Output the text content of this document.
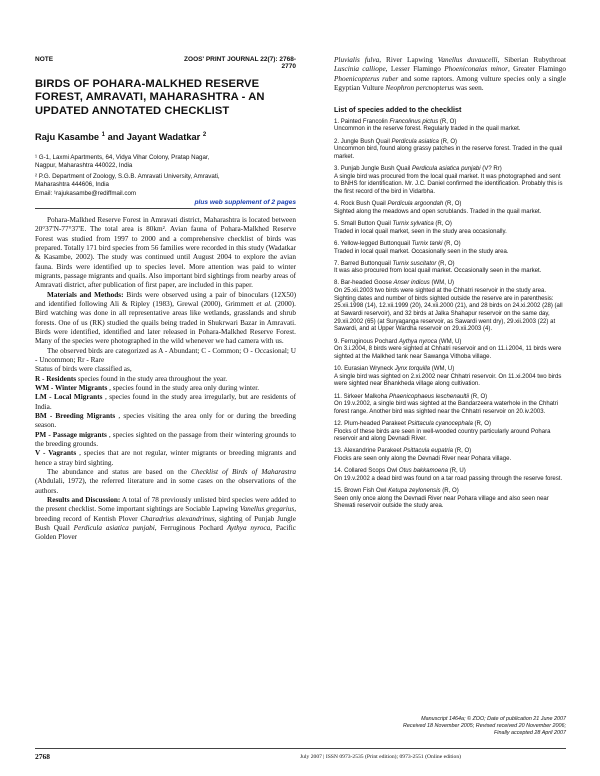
NOTE	ZOOS' PRINT JOURNAL 22(7): 2768-2770
BIRDS OF POHARA-MALKHED RESERVE FOREST, AMRAVATI, MAHARASHTRA - AN UPDATED ANNOTATED CHECKLIST
Raju Kasambe $^1$ and Jayant Wadatkar $^2$

¹ G-1, Laxmi Apartments, 64, Vidya Vihar Colony, Pratap Nagar,

Nagpur, Maharashtra 440022, India

² P.G. Department of Zoology, S.G.B. Amravati University, Amravati,

Maharashtra 444606, India

Email: ¹rajukasambe@rediffmail.com

plus web supplement of 2 pages

Pohara-Malkhed Reserve Forest in Amravati district, Maharashtra is located between 20°37'N-77°37'E. The total area is 80km². Avian fauna of Pohara-Malkhed Reserve Forest was studied from 1997 to 2000 and a comprehensive checklist of birds was prepared. Totally 171 bird species from 56 families were recorded in this study (Wadatkar & Kasambe, 2002). The study was continued until August 2004 to explore the avian fauna. Birds were identified up to species level. More attention was paid to winter migrants, passage migrants and quails. Also important bird sightings from nearby areas of Amravati district, after publication of first paper, are included in this paper.

Materials and Methods: Birds were observed using a pair of binoculars (12X50) and identified following Ali & Ripley (1983), Grewal (2000), Grimmett et al. (2000). Bird watching was done in all representative areas like wetlands, grasslands and shrub forests. One of us (RK) studied the quails being traded in Shukrwari Bazar in Amravati. Birds were identified, identified and later released in Pohara-Malkhed Reserve Forest. Many of the species were photographed in the wild whenever we had camera with us.

The observed birds are categorized as A - Abundant; C - Common; O - Occasional; U - Uncommon; Rr - Rare

Status of birds were classified as,

R - Residents species found in the study area throughout the year.

WM - Winter Migrants , species found in the study area only during winter.

LM - Local Migrants , species found in the study area irregularly, but are residents of India.

BM - Breeding Migrants , species visiting the area only for or during the breeding season.

PM - Passage migrants , species sighted on the passage from their wintering grounds to the breeding grounds.

V - Vagrants , species that are not regular, winter migrants or breeding migrants and hence a stray bird sighting.

The abundance and status are based on the Checklist of Birds of Maharastra (Abdulali, 1972), the referred literature and in some cases on the observations of the authors.

Results and Discussion: A total of 78 previously unlisted bird species were added to the present checklist. Some important sightings are Sociable Lapwing Vanellus gregarius, breeding record of Kentish Plover Charadrius alexandrinus, sighting of Punjab Jungle Bush Quail Perdicula asiatica punjabi, Ferruginous Pochard Aythya nyroca, Pacific Golden Plover

Pluvialis fulva, River Lapwing Vanellus duvaucelli, Siberian Rubythroat Luscinia calliope, Lesser Flamingo Phoeniconaias minor, Greater Flamingo Phoenicopterus ruber and some raptors. Among vulture species only a single Egyptian Vulture Neophron percnopterus was seen.
List of species added to the checklist
1. Painted Francolin Francolinus pictus (R, O)
Uncommon in the reserve forest. Regularly traded in the quail market.
2. Jungle Bush Quail Perdicula asiatica (R, O)
Uncommon bird, found along grassy patches in the reserve forest. Traded in the quail market.
3. Punjab Jungle Bush Quail Perdicula asiatica punjabi (V? Rr)
A single bird was procured from the local quail market. It was photographed and sent to BNHS for identification. Mr. J.C. Daniel confirmed the identification. Probably this is the first record of the bird in Vidarbha.
4. Rock Bush Quail Perdicula argoondah (R, O)
Sighted along the meadows and open scrublands. Traded in the quail market.
5. Small Button Quail Turnix sylvatica (R, O)
Traded in local quail market, seen in the study area occasionally.
6. Yellow-legged Buttonquail Turnix tanki (R, O)
Traded in local quail market. Occasionally seen in the study area.
7. Barred Buttonquail Turnix suscitator (R, O)
It was also procured from local quail market. Occasionally seen in the market.
8. Bar-headed Goose Anser indicus (WM, U)
On 25.xii.2003 two birds were sighted at the Chhatri reservoir in the study area. Sighting dates and number of birds sighted outside the reserve are in parenthesis: 25.xii.1998 (14), 12.xii.1999 (20), 24.xii.2000 (21), and 28 birds on 24.xi.2002 (28) (all at Sawardi reservoir), and 32 birds at Jalka Shahapur reservoir on the same day, 29.xii.2002 (65) (at Suryaganga reservoir, as Sawardi went dry), 29.xii.2003 (22) at Sawardi, and at Upper Wardha reservoir on 29.xii.2003 (4).
9. Ferruginous Pochard Aythya nyroca (WM, U)
On 3.i.2004, 8 birds were sighted at Chhatri reservoir and on 11.i.2004, 11 birds were sighted at the Malkhed tank near Sawanga Vithoba village.
10. Eurasian Wryneck Jynx torquilla (WM, U)
A single bird was sighted on 2.xi.2002 near Chhatri reservoir. On 11.xi.2004 two birds were sighted near Bhankheda village along cultivation.
11. Sirkeer Malkoha Phaenicophaeus leschenaultii (R, O)
On 19.v.2002, a single bird was sighted at the Bandarzeera waterhole in the Chhatri forest range. Another bird was sighted near the Chhatri reservoir on 20.iv.2003.
12. Plum-headed Parakeet Psittacula cyanocephala (R, O)
Flocks of these birds are seen in well-wooded country particularly around Pohara reservoir and along Devnadi River.
13. Alexandrine Parakeet Psittacula eupatria (R, O)
Flocks are seen only along the Devnadi River near Pohara village.
14. Collared Scops Owl Otus bakkamoena (R, U)
On 19.v.2002 a dead bird was found on a tar road passing through the reserve forest.
15. Brown Fish Owl Ketupa zeylonensis (R, O)
Seen only once along the Devnadi River near Pohara village and also seen near Shewati reservoir outside the study area.
Manuscript 1464a; © ZOO; Date of publication 21 June 2007
Received 18 November 2005; Revised received 20 November 2006;
Finally accepted 28 April 2007
2768	July 2007 | ISSN 0973-2535 (Print edition); 0973-2551 (Online edition)
